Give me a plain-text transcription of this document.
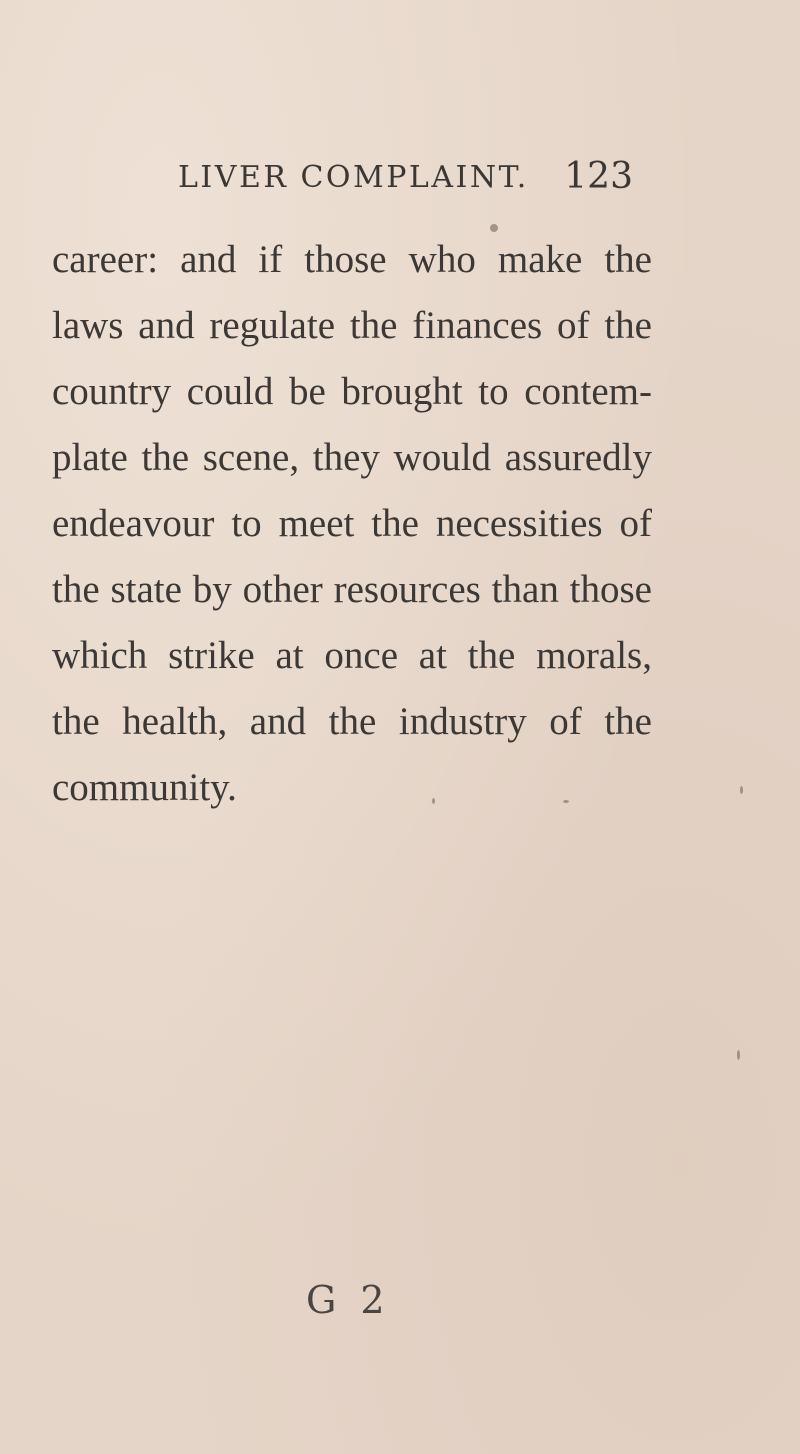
LIVER COMPLAINT. 123
career: and if those who make the
laws and regulate the finances of the
country could be brought to contem-
plate the scene, they would assuredly
endeavour to meet the necessities of
the state by other resources than those
which strike at once at the morals,
the health, and the industry of the
community.
G 2
